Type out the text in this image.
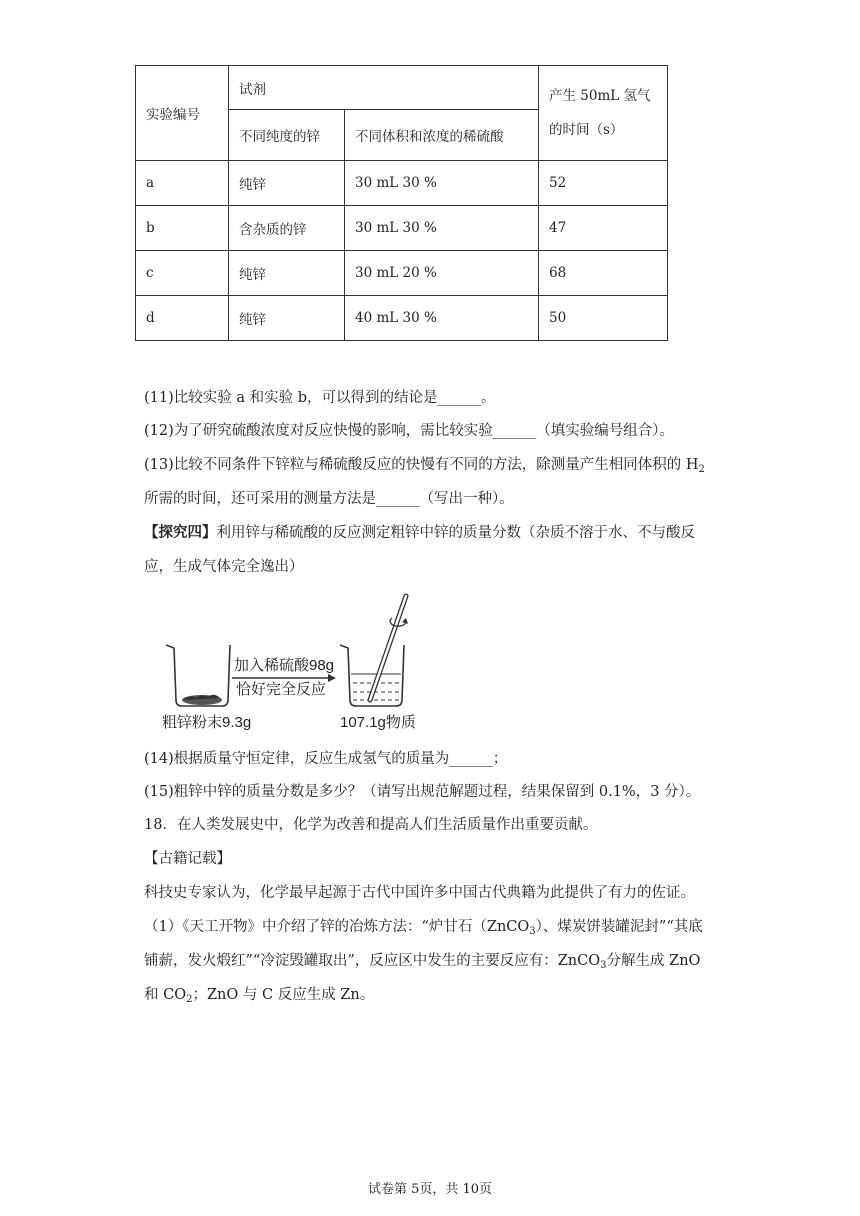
实验编号	试剂		产生 50mL 氢气的时间（s）
	不同纯度的锌	不同体积和浓度的稀硫酸	
a	纯锌	30 mL 30 %	52
b	含杂质的锌	30 mL 30 %	47
c	纯锌	30 mL 20 %	68
d	纯锌	40 mL 30 %	50
(11)比较实验 a 和实验 b，可以得到的结论是______。
(12)为了研究硫酸浓度对反应快慢的影响，需比较实验______（填实验编号组合）。
(13)比较不同条件下锌粒与稀硫酸反应的快慢有不同的方法，除测量产生相同体积的 $H_2$
所需的时间，还可采用的测量方法是______（写出一种）。
【探究四】利用锌与稀硫酸的反应测定粗锌中锌的质量分数（杂质不溶于水、不与酸反
应，生成气体完全逸出）
加入稀硫酸98g
恰好完全反应
粗锌粉末9.3g	107.1g物质
(14)根据质量守恒定律，反应生成氢气的质量为______；
(15)粗锌中锌的质量分数是多少？（请写出规范解题过程，结果保留到 0.1%，3 分）。
18．在人类发展史中，化学为改善和提高人们生活质量作出重要贡献。
【古籍记载】
科技史专家认为，化学最早起源于古代中国许多中国古代典籍为此提供了有力的佐证。
（1）《天工开物》中介绍了锌的冶炼方法：“炉甘石（ZnCO$_3$）、煤炭饼装罐泥封”“其底
铺薪，发火煅红”“冷淀毁罐取出”，反应区中发生的主要反应有：ZnCO$_3$分解生成 ZnO
和 $CO_2$；ZnO 与 C 反应生成 Zn。
试卷第 5页，共 10页
